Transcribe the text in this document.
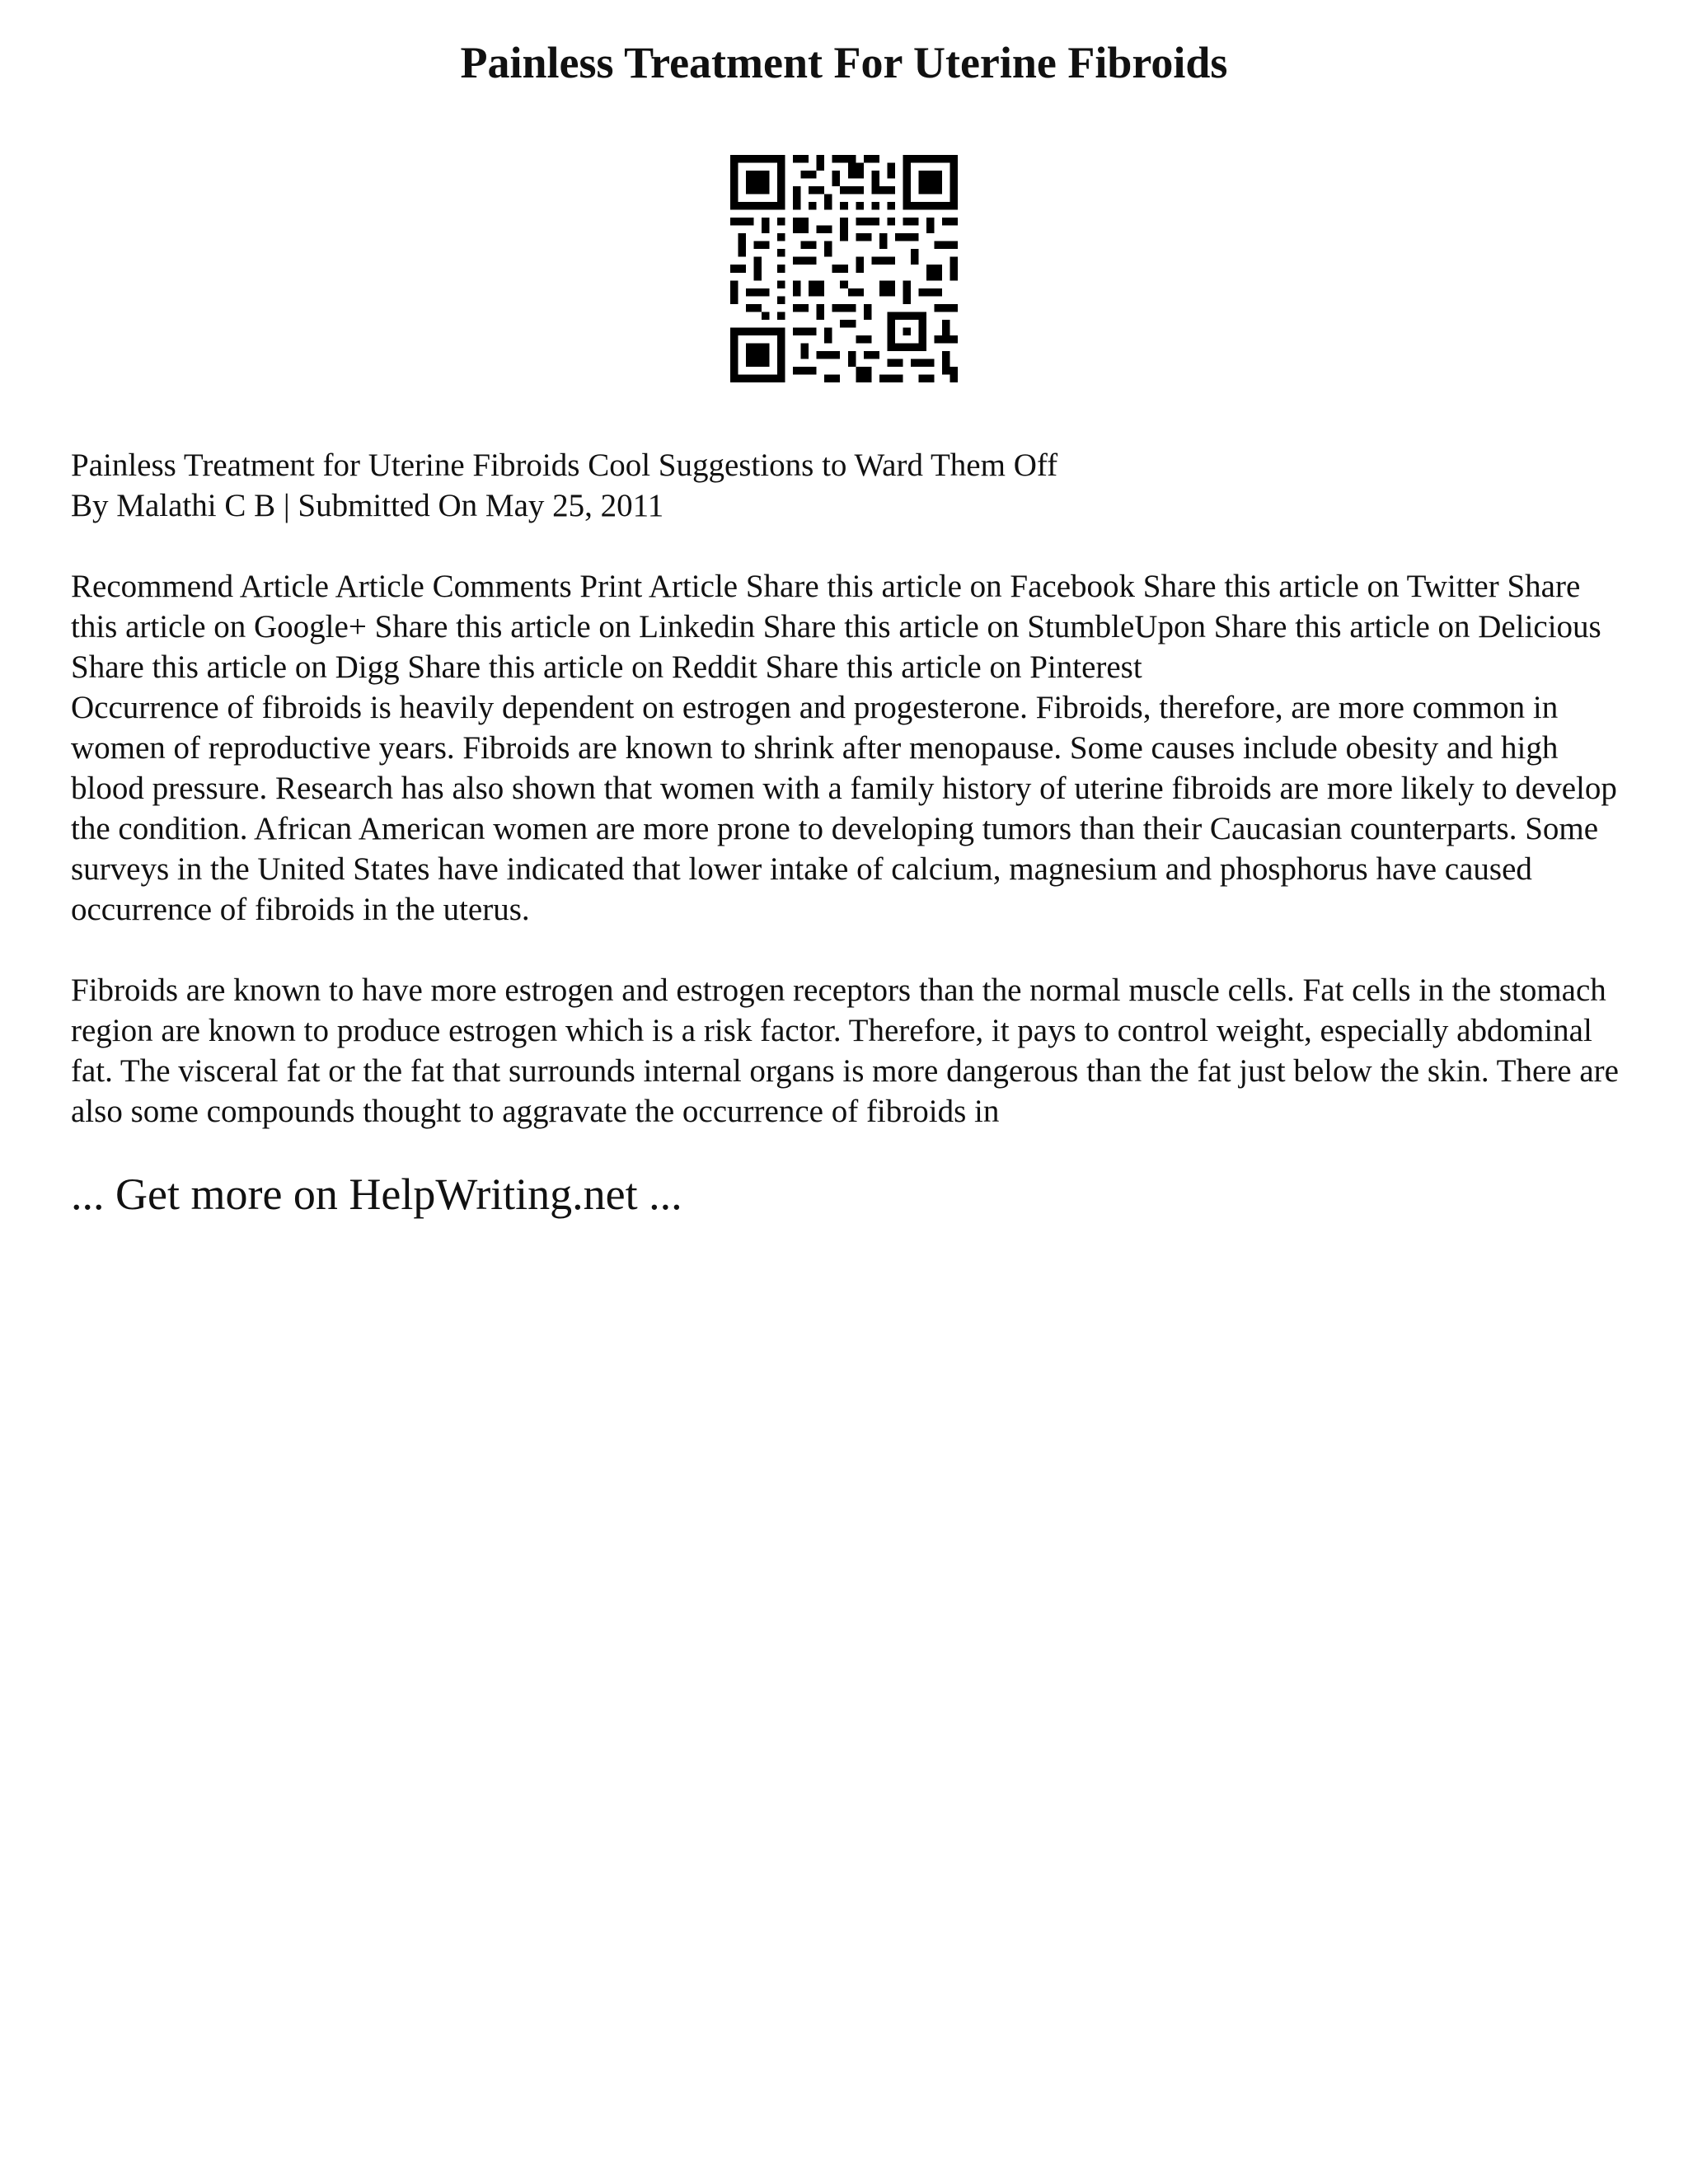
Painless Treatment For Uterine Fibroids
Painless Treatment for Uterine Fibroids Cool Suggestions to Ward Them Off
By Malathi C B | Submitted On May 25, 2011

Recommend Article Article Comments Print Article Share this article on Facebook Share this article on Twitter Share this article on Google+ Share this article on Linkedin Share this article on StumbleUpon Share this article on Delicious Share this article on Digg Share this article on Reddit Share this article on Pinterest

Occurrence of fibroids is heavily dependent on estrogen and progesterone. Fibroids, therefore, are more common in women of reproductive years. Fibroids are known to shrink after menopause. Some causes include obesity and high blood pressure. Research has also shown that women with a family history of uterine fibroids are more likely to develop the condition. African American women are more prone to developing tumors than their Caucasian counterparts. Some surveys in the United States have indicated that lower intake of calcium, magnesium and phosphorus have caused occurrence of fibroids in the uterus.

Fibroids are known to have more estrogen and estrogen receptors than the normal muscle cells. Fat cells in the stomach region are known to produce estrogen which is a risk factor. Therefore, it pays to control weight, especially abdominal fat. The visceral fat or the fat that surrounds internal organs is more dangerous than the fat just below the skin. There are also some compounds thought to aggravate the occurrence of fibroids in

... Get more on HelpWriting.net ...
